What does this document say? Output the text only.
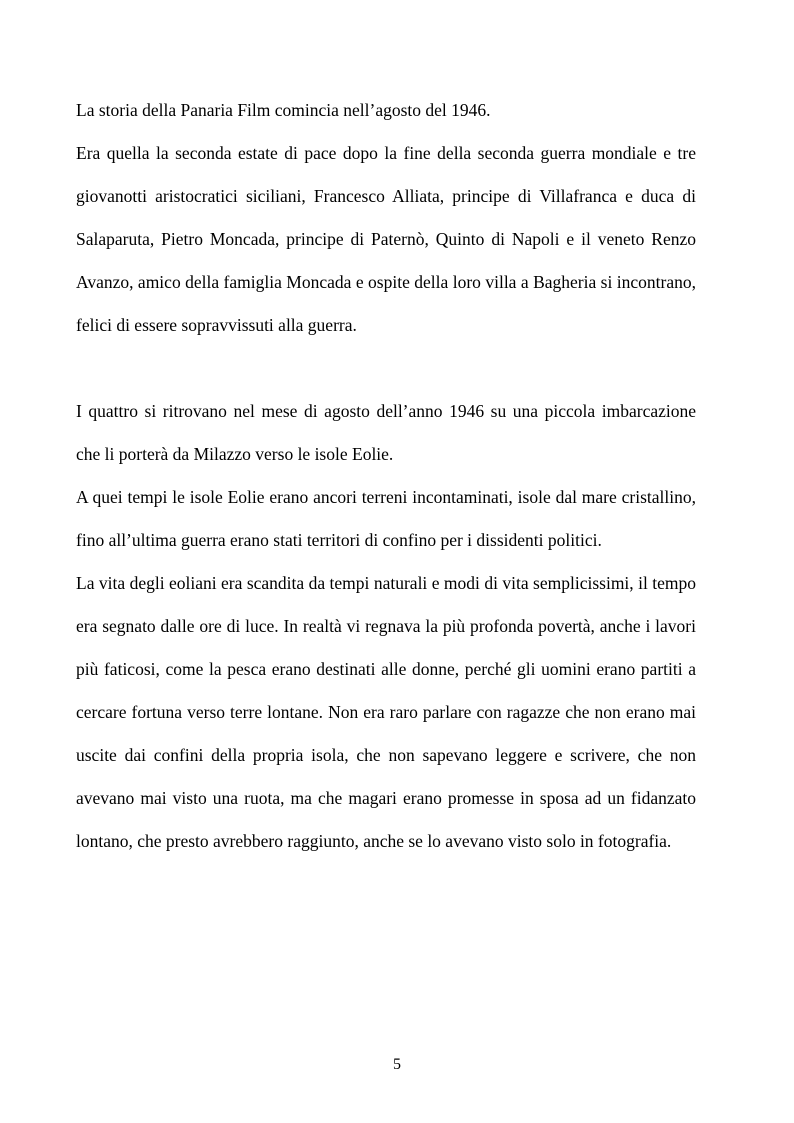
La storia della Panaria Film comincia nell’agosto del 1946.

Era quella la seconda estate di pace dopo la fine della seconda guerra mondiale e tre giovanotti aristocratici siciliani, Francesco Alliata, principe di Villafranca e duca di Salaparuta, Pietro Moncada, principe di Paternò, Quinto di Napoli e il veneto Renzo Avanzo, amico della famiglia Moncada e ospite della loro villa a Bagheria si incontrano, felici di essere sopravvissuti alla guerra.

I quattro si ritrovano nel mese di agosto dell’anno 1946 su una piccola imbarcazione che li porterà da Milazzo verso le isole Eolie.

A quei tempi le isole Eolie erano ancori terreni incontaminati, isole dal mare cristallino, fino all’ultima guerra erano stati territori di confino per i dissidenti politici.

La vita degli eoliani era scandita da tempi naturali e modi di vita semplicissimi, il tempo era segnato dalle ore di luce. In realtà vi regnava la più profonda povertà, anche i lavori più faticosi, come la pesca erano destinati alle donne, perché gli uomini erano partiti a cercare fortuna verso terre lontane. Non era raro parlare con ragazze che non erano mai uscite dai confini della propria isola, che non sapevano leggere e scrivere, che non avevano mai visto una ruota, ma che magari erano promesse in sposa ad un fidanzato lontano, che presto avrebbero raggiunto, anche se lo avevano visto solo in fotografia.

5
